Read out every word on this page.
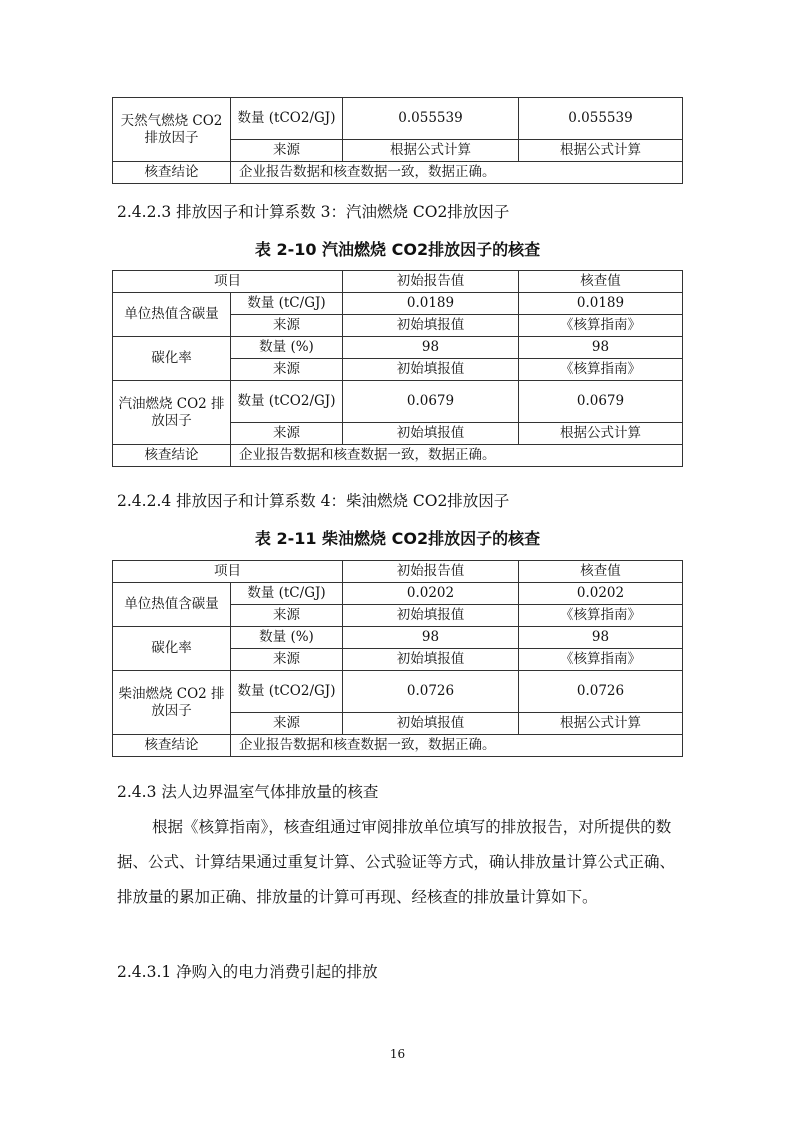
天然气燃烧 CO2排放因子	数量 (tCO2/GJ)	0.055539	0.055539
	来源	根据公式计算	根据公式计算
核查结论	企业报告数据和核查数据一致，数据正确。		
2.4.2.3 排放因子和计算系数 3：汽油燃烧 CO2排放因子
表 2-10 汽油燃烧 CO2排放因子的核查
项目		初始报告值	核查值
单位热值含碳量	数量 (tC/GJ)	0.0189	0.0189
	来源	初始填报值	《核算指南》
碳化率	数量 (%)	98	98
	来源	初始填报值	《核算指南》
汽油燃烧 CO2 排放因子	数量 (tCO2/GJ)	0.0679	0.0679
	来源	初始填报值	根据公式计算
核查结论	企业报告数据和核查数据一致，数据正确。		
2.4.2.4 排放因子和计算系数 4：柴油燃烧 CO2排放因子
表 2-11 柴油燃烧 CO2排放因子的核查
项目		初始报告值	核查值
单位热值含碳量	数量 (tC/GJ)	0.0202	0.0202
	来源	初始填报值	《核算指南》
碳化率	数量 (%)	98	98
	来源	初始填报值	《核算指南》
柴油燃烧 CO2 排放因子	数量 (tCO2/GJ)	0.0726	0.0726
	来源	初始填报值	根据公式计算
核查结论	企业报告数据和核查数据一致，数据正确。		
2.4.3 法人边界温室气体排放量的核查

根据《核算指南》，核查组通过审阅排放单位填写的排放报告，对所提供的数据、公式、计算结果通过重复计算、公式验证等方式，确认排放量计算公式正确、排放量的累加正确、排放量的计算可再现、经核查的排放量计算如下。

2.4.3.1 净购入的电力消费引起的排放
16
